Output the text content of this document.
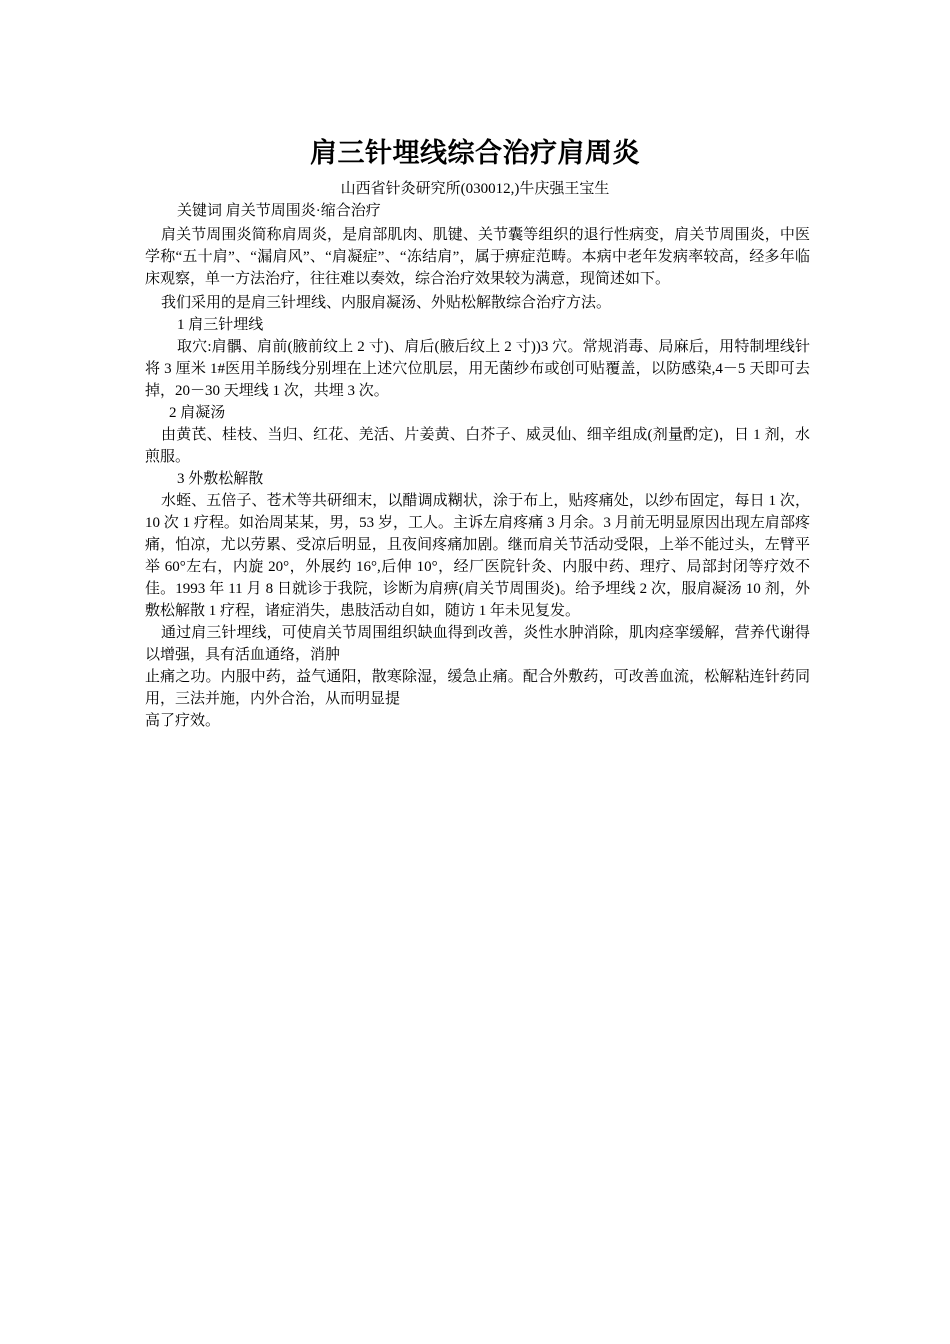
肩三针埋线综合治疗肩周炎
山西省针灸研究所(030012,)牛庆强王宝生

关键词 肩关节周围炎·缩合治疗

肩关节周围炎简称肩周炎，是肩部肌肉、肌键、关节囊等组织的退行性病变，肩关节周围炎，中医学称“五十肩”、“漏肩风”、“肩凝症”、“冻结肩”，属于痹症范畴。本病中老年发病率较高，经多年临床观察，单一方法治疗，往往难以奏效，综合治疗效果较为满意，现简述如下。

我们采用的是肩三针埋线、内服肩凝汤、外贴松解散综合治疗方法。

1 肩三针埋线

取穴:肩髃、肩前(腋前纹上 2 寸)、肩后(腋后纹上 2 寸))3 穴。常规消毒、局麻后，用特制埋线针将 3 厘米 1#医用羊肠线分别埋在上述穴位肌层，用无菌纱布或创可贴覆盖，以防感染,4－5 天即可去掉，20－30 天埋线 1 次，共埋 3 次。

2 肩凝汤

由黄芪、桂枝、当归、红花、羌活、片姜黄、白芥子、威灵仙、细辛组成(剂量酌定)，日 1 剂，水煎服。

3 外敷松解散

水蛭、五倍子、苍术等共研细末，以醋调成糊状，涂于布上，贴疼痛处，以纱布固定，每日 1 次，10 次 1 疗程。如治周某某，男，53 岁，工人。主诉左肩疼痛 3 月余。3 月前无明显原因出现左肩部疼痛，怕凉，尤以劳累、受凉后明显，且夜间疼痛加剧。继而肩关节活动受限，上举不能过头，左臂平举 60°左右，内旋 20°，外展约 16°,后伸 10°，经厂医院针灸、内服中药、理疗、局部封闭等疗效不佳。1993 年 11 月 8 日就诊于我院，诊断为肩痹(肩关节周围炎)。给予埋线 2 次，服肩凝汤 10 剂，外敷松解散 1 疗程，诸症消失，患肢活动自如，随访 1 年未见复发。

通过肩三针埋线，可使肩关节周围组织缺血得到改善，炎性水肿消除，肌肉痉挛缓解，营养代谢得以增强，具有活血通络，消肿

止痛之功。内服中药，益气通阳，散寒除湿，缓急止痛。配合外敷药，可改善血流，松解粘连针药同用，三法并施，内外合治，从而明显提

高了疗效。
